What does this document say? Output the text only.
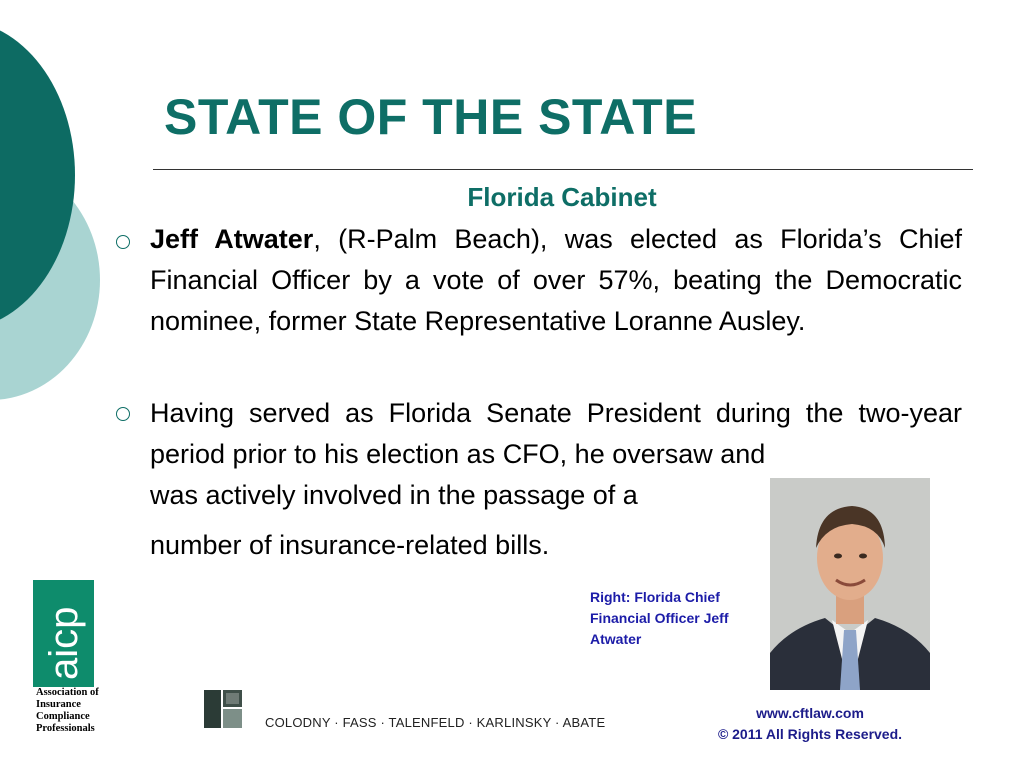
STATE OF THE STATE
Florida Cabinet
Jeff Atwater, (R-Palm Beach), was elected as Florida’s Chief Financial Officer by a vote of over 57%, beating the Democratic nominee, former State Representative Loranne Ausley.
Having served as Florida Senate President during the two-year period prior to his election as CFO, he oversaw and
was actively involved in the passage of a
number of insurance-related bills.
Right: Florida Chief Financial Officer Jeff Atwater
aicp
Association of Insurance Compliance Professionals	COLODNY · FASS · TALENFELD · KARLINSKY · ABATE
www.cftlaw.com
© 2011 All Rights Reserved.
